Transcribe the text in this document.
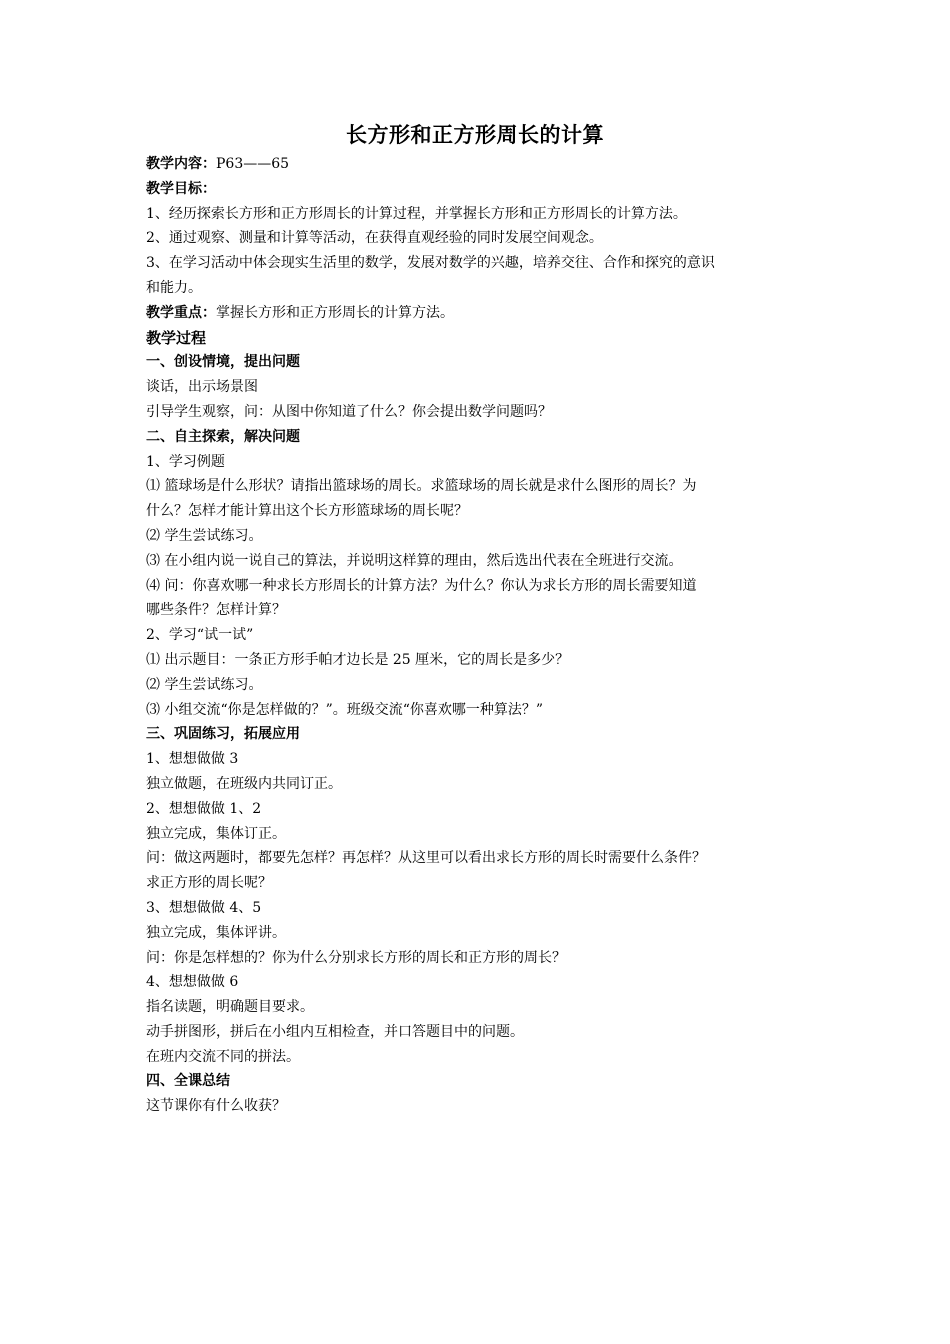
长方形和正方形周长的计算
教学内容：P63——65
教学目标：
1、经历探索长方形和正方形周长的计算过程，并掌握长方形和正方形周长的计算方法。
2、通过观察、测量和计算等活动，在获得直观经验的同时发展空间观念。
3、在学习活动中体会现实生活里的数学，发展对数学的兴趣，培养交往、合作和探究的意识
和能力。
教学重点：掌握长方形和正方形周长的计算方法。
教学过程
一、创设情境，提出问题
谈话，出示场景图
引导学生观察，问：从图中你知道了什么？你会提出数学问题吗？
二、自主探索，解决问题
1、学习例题
⑴ 篮球场是什么形状？请指出篮球场的周长。求篮球场的周长就是求什么图形的周长？为
什么？怎样才能计算出这个长方形篮球场的周长呢？
⑵ 学生尝试练习。
⑶ 在小组内说一说自己的算法，并说明这样算的理由，然后选出代表在全班进行交流。
⑷ 问：你喜欢哪一种求长方形周长的计算方法？为什么？你认为求长方形的周长需要知道
哪些条件？怎样计算？
2、学习“试一试”
⑴ 出示题目：一条正方形手帕才边长是 25 厘米，它的周长是多少？
⑵ 学生尝试练习。
⑶ 小组交流“你是怎样做的？”。班级交流“你喜欢哪一种算法？”
三、巩固练习，拓展应用
1、想想做做 3
独立做题，在班级内共同订正。
2、想想做做 1、2
独立完成，集体订正。
问：做这两题时，都要先怎样？再怎样？从这里可以看出求长方形的周长时需要什么条件？
求正方形的周长呢？
3、想想做做 4、5
独立完成，集体评讲。
问：你是怎样想的？你为什么分别求长方形的周长和正方形的周长？
4、想想做做 6
指名读题，明确题目要求。
动手拼图形，拼后在小组内互相检查，并口答题目中的问题。
在班内交流不同的拼法。
四、全课总结
这节课你有什么收获？
